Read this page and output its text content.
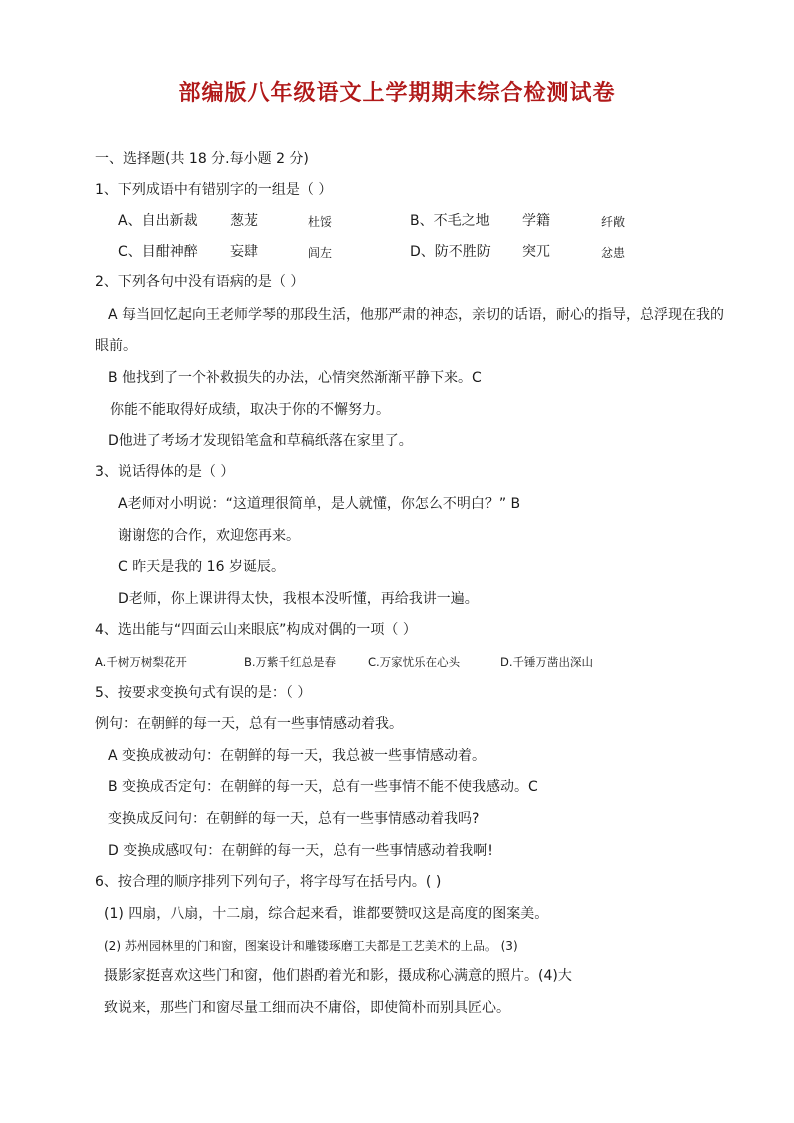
部编版八年级语文上学期期末综合检测试卷
一、选择题(共 18 分.每小题 2 分)
1、下列成语中有错别字的一组是（ ）
A、自出新裁 葱茏	杜馁	B、不毛之地 学籍	纤敞
C、目酣神醉 妄肆	闾左	D、防不胜防 突兀	忿患
2、下列各句中没有语病的是（ ）
A 每当回忆起向王老师学琴的那段生活，他那严肃的神态，亲切的话语，耐心的指导，总浮现在我的
眼前。
B 他找到了一个补救损失的办法，心情突然渐渐平静下来。C
你能不能取得好成绩，取决于你的不懈努力。
D他进了考场才发现铅笔盒和草稿纸落在家里了。
3、说话得体的是（ ）
A老师对小明说：“这道理很简单，是人就懂，你怎么不明白？” B
谢谢您的合作，欢迎您再来。
C 昨天是我的 16 岁诞辰。
D老师，你上课讲得太快，我根本没听懂，再给我讲一遍。
4、选出能与“四面云山来眼底”构成对偶的一项（ ）
A.千树万树梨花开	B.万紫千红总是春	C.万家忧乐在心头	D.千锤万凿出深山
5、按要求变换句式有误的是：（ ）
例句：在朝鲜的每一天，总有一些事情感动着我。
A 变换成被动句：在朝鲜的每一天，我总被一些事情感动着。
B 变换成否定句：在朝鲜的每一天，总有一些事情不能不使我感动。C
变换成反问句：在朝鲜的每一天，总有一些事情感动着我吗?
D 变换成感叹句：在朝鲜的每一天，总有一些事情感动着我啊!
6、按合理的顺序排列下列句子，将字母写在括号内。( )
(1) 四扇，八扇，十二扇，综合起来看，谁都要赞叹这是高度的图案美。
(2) 苏州园林里的门和窗，图案设计和雕镂琢磨工夫都是工艺美术的上品。 (3)
摄影家挺喜欢这些门和窗，他们斟酌着光和影，摄成称心满意的照片。(4)大
致说来，那些门和窗尽量工细而决不庸俗，即使简朴而别具匠心。
